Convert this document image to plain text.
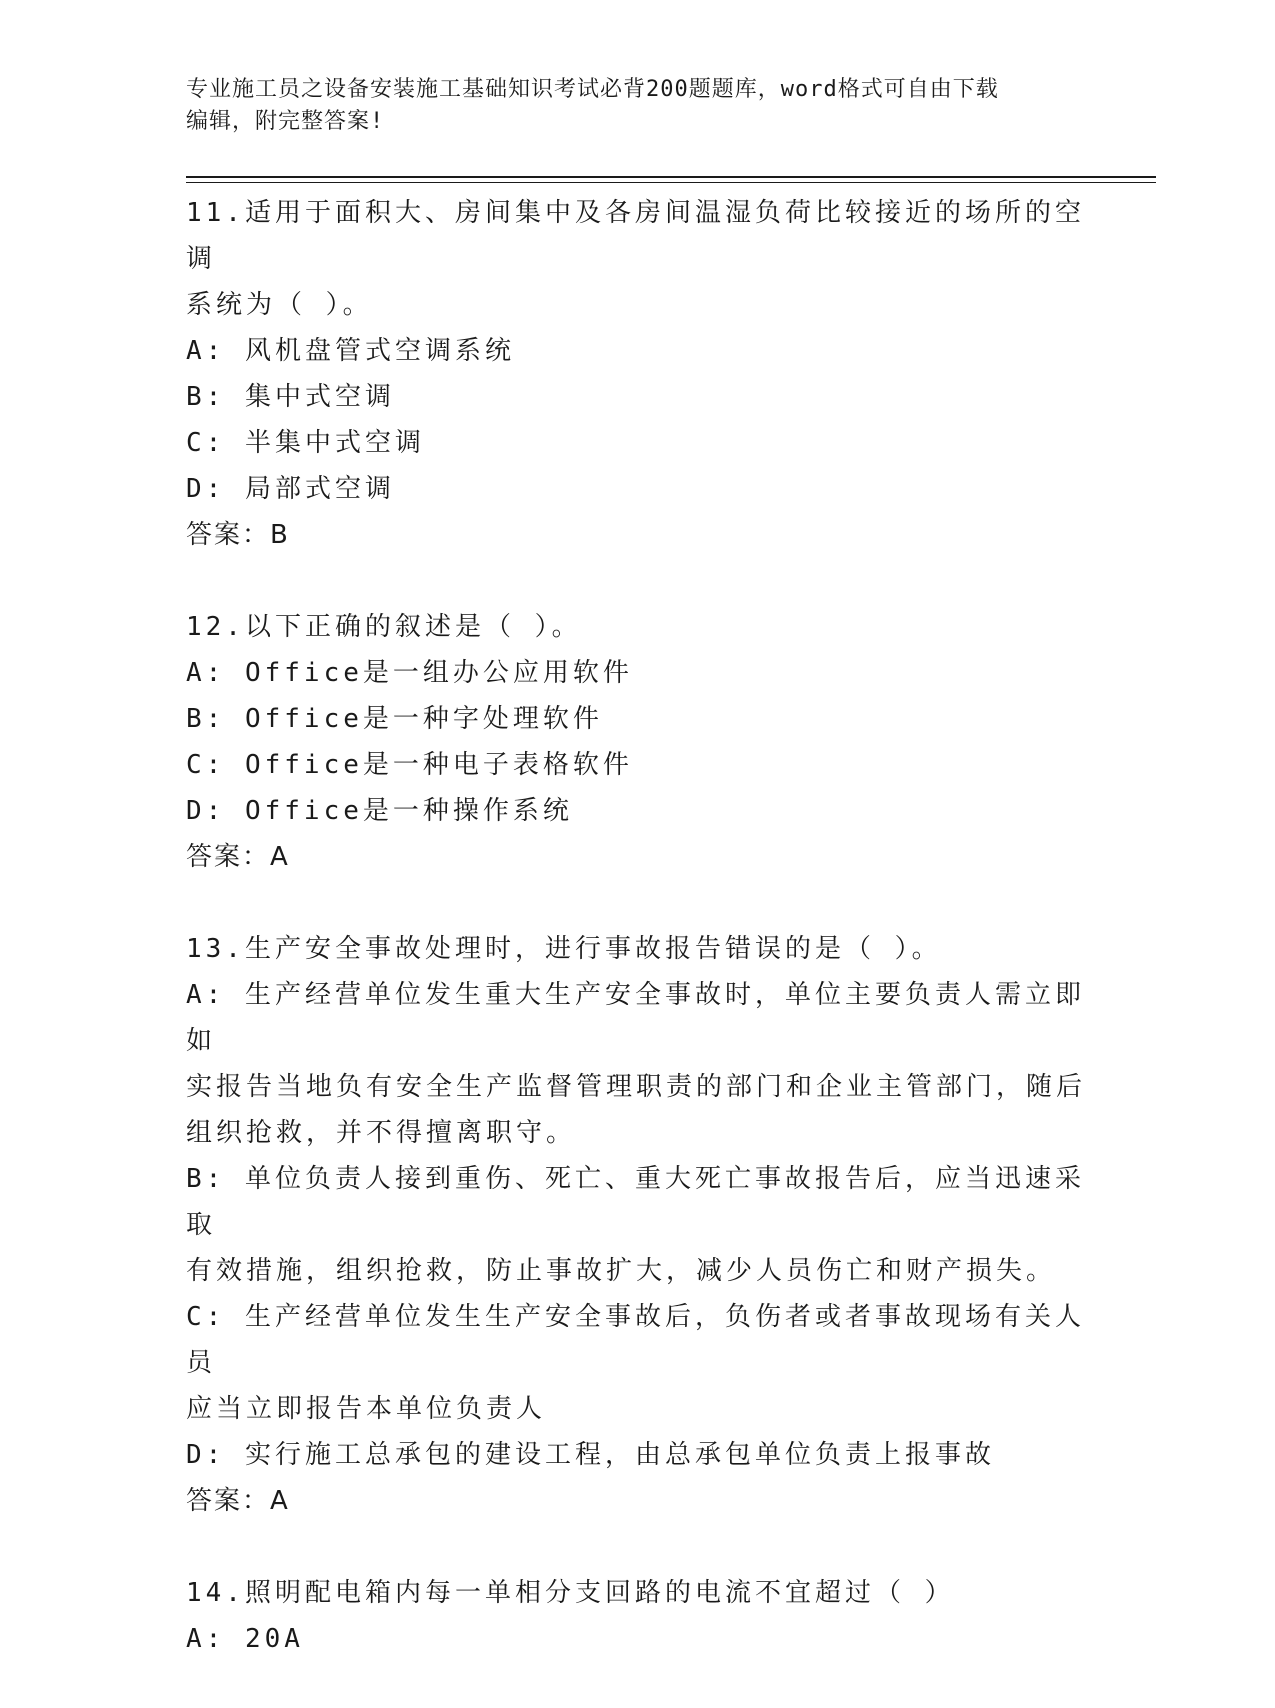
专业施工员之设备安装施工基础知识考试必背200题题库，word格式可自由下载
编辑，附完整答案!
11.适用于面积大、房间集中及各房间温湿负荷比较接近的场所的空调
系统为（ ）。
A: 风机盘管式空调系统
B: 集中式空调
C: 半集中式空调
D: 局部式空调
答案：B
12.以下正确的叙述是（ ）。
A: Office是一组办公应用软件
B: Office是一种字处理软件
C: Office是一种电子表格软件
D: Office是一种操作系统
答案：A
13.生产安全事故处理时，进行事故报告错误的是（ ）。
A: 生产经营单位发生重大生产安全事故时，单位主要负责人需立即如
实报告当地负有安全生产监督管理职责的部门和企业主管部门，随后
组织抢救，并不得擅离职守。
B: 单位负责人接到重伤、死亡、重大死亡事故报告后，应当迅速采取
有效措施，组织抢救，防止事故扩大，减少人员伤亡和财产损失。
C: 生产经营单位发生生产安全事故后，负伤者或者事故现场有关人员
应当立即报告本单位负责人
D: 实行施工总承包的建设工程，由总承包单位负责上报事故
答案：A
14.照明配电箱内每一单相分支回路的电流不宜超过（ ）
A: 20A
